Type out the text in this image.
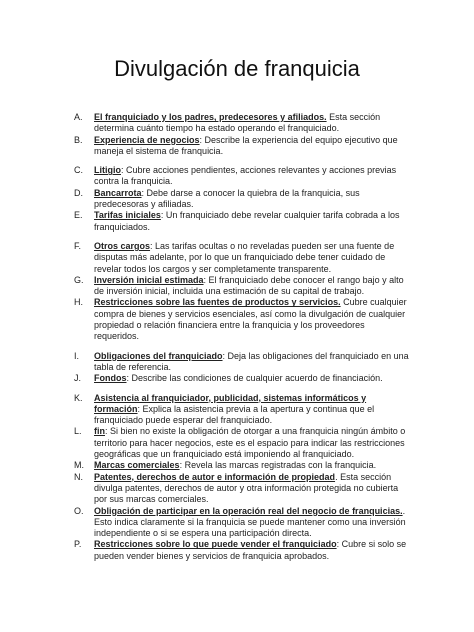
Divulgación de franquicia
A. El franquiciado y los padres, predecesores y afiliados. Esta sección determina cuánto tiempo ha estado operando el franquiciado.
B. Experiencia de negocios: Describe la experiencia del equipo ejecutivo que maneja el sistema de franquicia.
C. Litigio: Cubre acciones pendientes, acciones relevantes y acciones previas contra la franquicia.
D. Bancarrota: Debe darse a conocer la quiebra de la franquicia, sus predecesoras y afiliadas.
E. Tarifas iniciales: Un franquiciado debe revelar cualquier tarifa cobrada a los franquiciados.
F. Otros cargos: Las tarifas ocultas o no reveladas pueden ser una fuente de disputas más adelante, por lo que un franquiciado debe tener cuidado de revelar todos los cargos y ser completamente transparente.
G. Inversión inicial estimada: El franquiciado debe conocer el rango bajo y alto de inversión inicial, incluida una estimación de su capital de trabajo.
H. Restricciones sobre las fuentes de productos y servicios. Cubre cualquier compra de bienes y servicios esenciales, así como la divulgación de cualquier propiedad o relación financiera entre la franquicia y los proveedores requeridos.
I. Obligaciones del franquiciado: Deja las obligaciones del franquiciado en una tabla de referencia.
J. Fondos: Describe las condiciones de cualquier acuerdo de financiación.
K. Asistencia al franquiciador, publicidad, sistemas informáticos y formación: Explica la asistencia previa a la apertura y continua que el franquiciado puede esperar del franquiciado.
L. fin: Si bien no existe la obligación de otorgar a una franquicia ningún ámbito o territorio para hacer negocios, este es el espacio para indicar las restricciones geográficas que un franquiciado está imponiendo al franquiciado.
M. Marcas comerciales: Revela las marcas registradas con la franquicia.
N. Patentes, derechos de autor e información de propiedad. Esta sección divulga patentes, derechos de autor y otra información protegida no cubierta por sus marcas comerciales.
O. Obligación de participar en la operación real del negocio de franquicias.. Esto indica claramente si la franquicia se puede mantener como una inversión independiente o si se espera una participación directa.
P. Restricciones sobre lo que puede vender el franquiciado: Cubre si solo se pueden vender bienes y servicios de franquicia aprobados.
